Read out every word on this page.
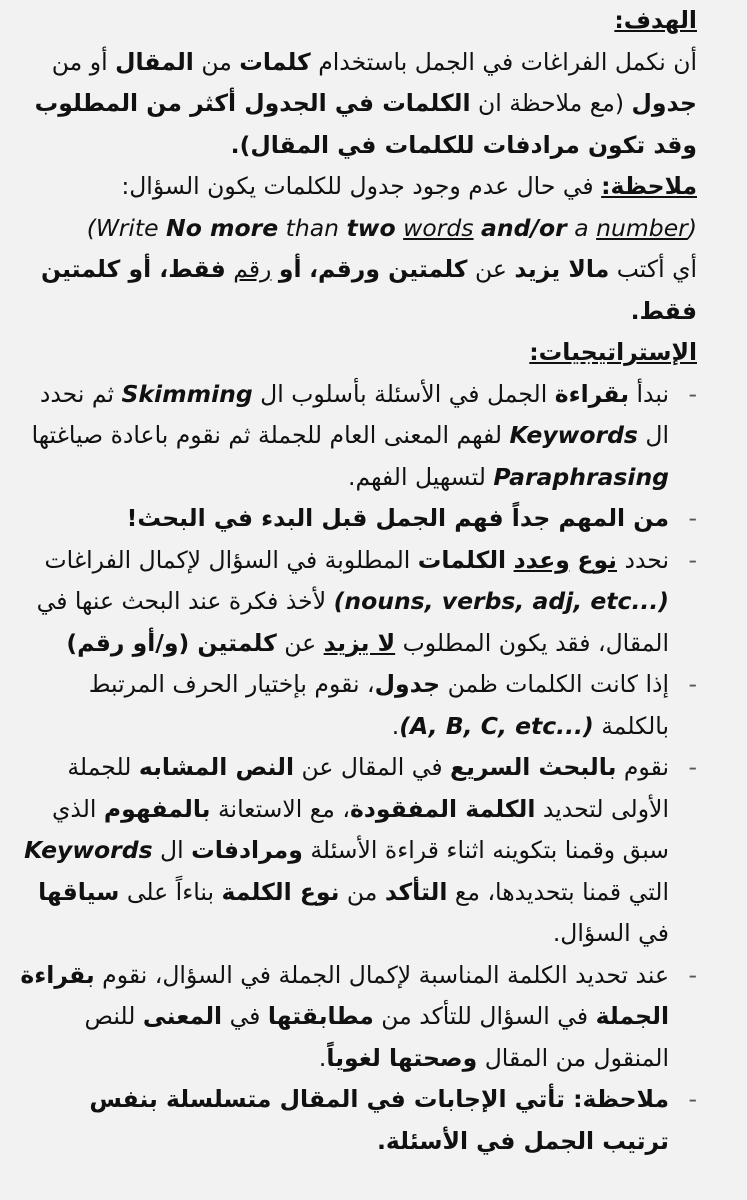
الهدف:

أن نكمل الفراغات في الجمل باستخدام كلمات من المقال أو من جدول (مع ملاحظة ان الكلمات في الجدول أكثر من المطلوب وقد تكون مرادفات للكلمات في المقال).

ملاحظة: في حال عدم وجود جدول للكلمات يكون السؤال:

(Write No more than two words and/or a number)

أي أكتب مالا يزيد عن كلمتين ورقم، أو رقم فقط، أو كلمتين فقط.

الإستراتيجيات:

- نبدأ بقراءة الجمل في الأسئلة بأسلوب ال Skimming ثم نحدد ال Keywords لفهم المعنى العام للجملة ثم نقوم باعادة صياغتها Paraphrasing لتسهيل الفهم.
- من المهم جداً فهم الجمل قبل البدء في البحث!
- نحدد نوع وعدد الكلمات المطلوبة في السؤال لإكمال الفراغات (nouns, verbs, adj, etc...) لأخذ فكرة عند البحث عنها في المقال، فقد يكون المطلوب لا يزيد عن كلمتين (و/أو رقم)
- إذا كانت الكلمات ظمن جدول، نقوم بإختيار الحرف المرتبط بالكلمة (A, B, C, etc...).
- نقوم بالبحث السريع في المقال عن النص المشابه للجملة الأولى لتحديد الكلمة المفقودة، مع الاستعانة بالمفهوم الذي سبق وقمنا بتكوينه اثناء قراءة الأسئلة ومرادفات ال Keywords التي قمنا بتحديدها، مع التأكد من نوع الكلمة بناءاً على سياقها في السؤال.
- عند تحديد الكلمة المناسبة لإكمال الجملة في السؤال، نقوم بقراءة الجملة في السؤال للتأكد من مطابقتها في المعنى للنص المنقول من المقال وصحتها لغوياً.
- ملاحظة: تأتي الإجابات في المقال متسلسلة بنفس ترتيب الجمل في الأسئلة.
